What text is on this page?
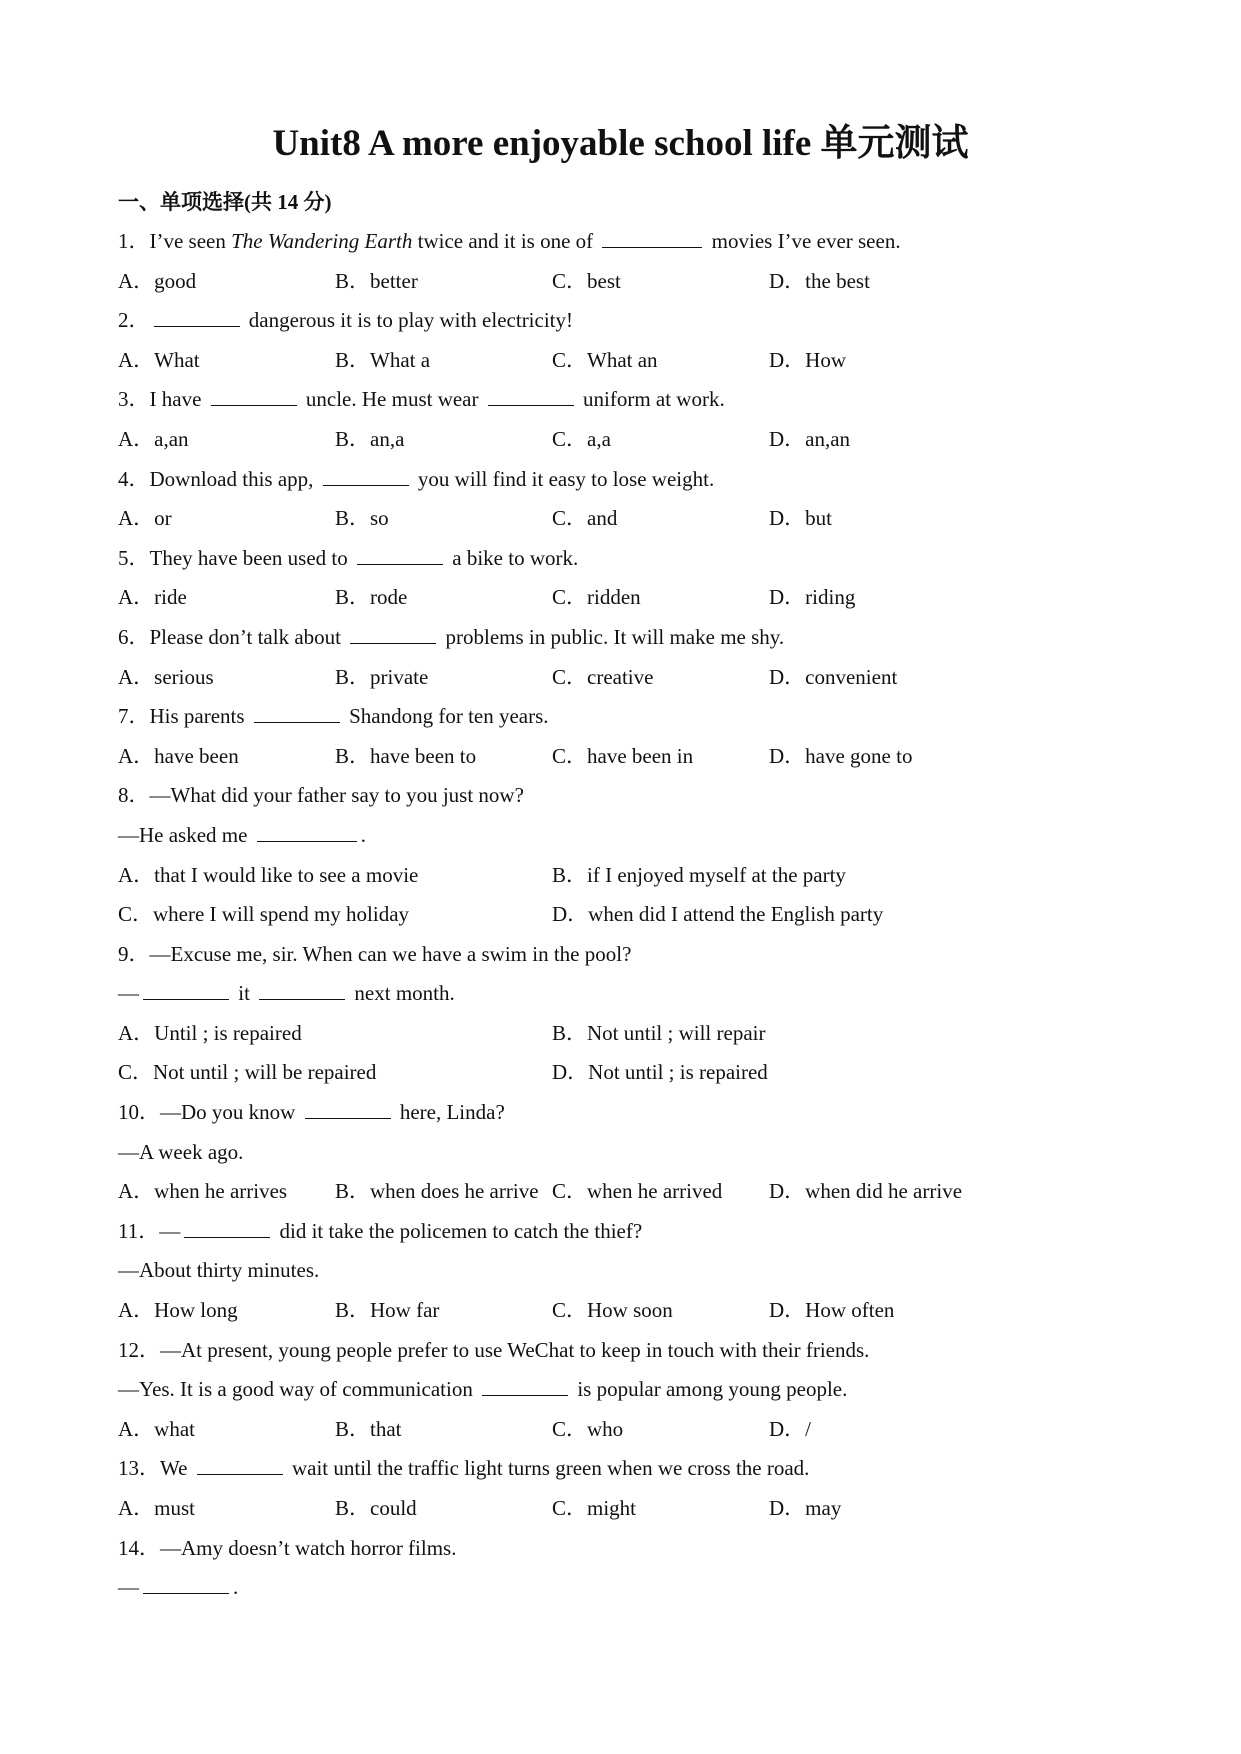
Unit8 A more enjoyable school life 单元测试
一、单项选择(共 14 分)
1．I’ve seen The Wandering Earth twice and it is one of	movies I’ve ever seen.
A．good	B．better	C．best	D．the best
2．	dangerous it is to play with electricity!
A．What	B．What a	C．What an	D．How
3．I have	uncle. He must wear	uniform at work.
A．a,an	B．an,a	C．a,a	D．an,an
4．Download this app,	you will find it easy to lose weight.
A．or	B．so	C．and	D．but
5．They have been used to	a bike to work.
A．ride	B．rode	C．ridden	D．riding
6．Please don’t talk about	problems in public. It will make me shy.
A．serious	B．private	C．creative	D．convenient
7．His parents	Shandong for ten years.
A．have been	B．have been to	C．have been in	D．have gone to
8．—What did your father say to you just now?
—He asked me	.
A．that I would like to see a movie	B．if I enjoyed myself at the party
C．where I will spend my holiday	D．when did I attend the English party
9．—Excuse me, sir. When can we have a swim in the pool?
—	it	next month.
A．Until ; is repaired	B．Not until ; will repair
C．Not until ; will be repaired	D．Not until ; is repaired
10．—Do you know	here, Linda?
—A week ago.
A．when he arrives	B．when does he arrive C．when he arrived	D．when did he arrive
11．—	did it take the policemen to catch the thief?
—About thirty minutes.
A．How long	B．How far	C．How soon	D．How often
12．—At present, young people prefer to use WeChat to keep in touch with their friends.
—Yes. It is a good way of communication	is popular among young people.
A．what	B．that	C．who	D．/
13．We	wait until the traffic light turns green when we cross the road.
A．must	B．could	C．might	D．may
14．—Amy doesn’t watch horror films.
—	.
